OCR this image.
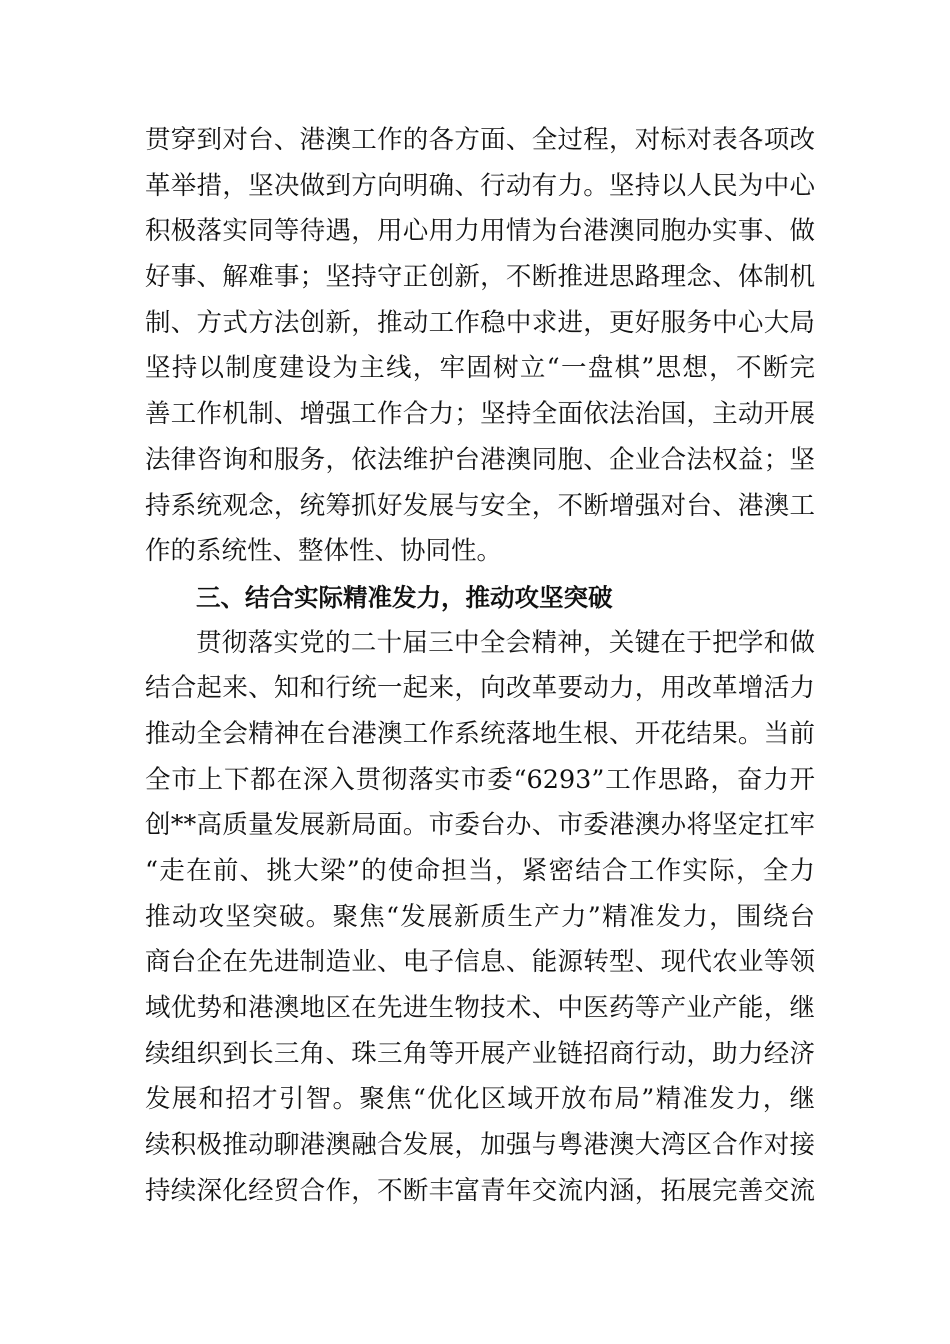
贯穿到对台、港澳工作的各方面、全过程，对标对表各项改
革举措，坚决做到方向明确、行动有力。坚持以人民为中心
积极落实同等待遇，用心用力用情为台港澳同胞办实事、做
好事、解难事；坚持守正创新，不断推进思路理念、体制机
制、方式方法创新，推动工作稳中求进，更好服务中心大局
坚持以制度建设为主线，牢固树立“一盘棋”思想，不断完
善工作机制、增强工作合力；坚持全面依法治国，主动开展
法律咨询和服务，依法维护台港澳同胞、企业合法权益；坚
持系统观念，统筹抓好发展与安全，不断增强对台、港澳工
作的系统性、整体性、协同性。
三、结合实际精准发力，推动攻坚突破
贯彻落实党的二十届三中全会精神，关键在于把学和做
结合起来、知和行统一起来，向改革要动力，用改革增活力
推动全会精神在台港澳工作系统落地生根、开花结果。当前
全市上下都在深入贯彻落实市委“6293”工作思路，奋力开
创**高质量发展新局面。市委台办、市委港澳办将坚定扛牢
“走在前、挑大梁”的使命担当，紧密结合工作实际，全力
推动攻坚突破。聚焦“发展新质生产力”精准发力，围绕台
商台企在先进制造业、电子信息、能源转型、现代农业等领
域优势和港澳地区在先进生物技术、中医药等产业产能，继
续组织到长三角、珠三角等开展产业链招商行动，助力经济
发展和招才引智。聚焦“优化区域开放布局”精准发力，继
续积极推动聊港澳融合发展，加强与粤港澳大湾区合作对接
持续深化经贸合作，不断丰富青年交流内涵，拓展完善交流
